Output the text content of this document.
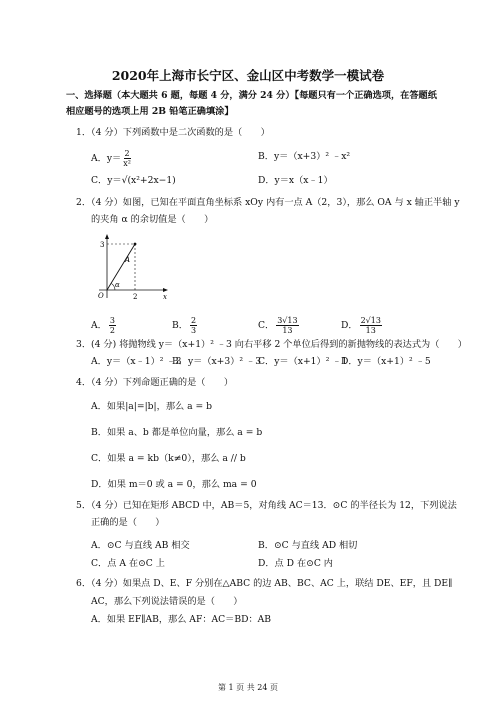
2020年上海市长宁区、金山区中考数学一模试卷
一、选择题（本大题共 6 题，每题 4 分，满分 24 分）【每题只有一个正确选项，在答题纸
相应题号的选项上用 2B 铅笔正确填涂】
1．（4 分）下列函数中是二次函数的是（　　）
A．$y= \frac{2}{\text{x²}}$	B．y＝（x+3）² ﹣x²
C．y＝√(x²+2x−1)	D．y＝x（x﹣1）
2．（4 分）如图，已知在平面直角坐标系 xOy 内有一点 A（2，3），那么 OA 与 x 轴正半轴 y
的夹角 α 的余切值是（　　）
3
A
O	2
α
x
A． $\frac{3}{2}$	B． $\frac{2}{3}$	C． $\frac{3√13}{13}$	D． $\frac{2√13}{13}$
3．(4 分) 将抛物线 y＝（x+1）² ﹣3 向右平移 2 个单位后得到的新抛物线的表达式为（　　）
A．y＝（x﹣1）² ﹣3
B．y＝（x+3）² ﹣3
C．y＝（x+1）² ﹣1
D．y＝（x+1）² ﹣5
4．（4 分）下列命题正确的是（　　）
A．如果|a|=|b|，那么 a = b
B．如果 a、b 都是单位向量，那么 a = b
C．如果 a = kb（k≠0），那么 a // b
D．如果 m＝0 或 a = 0，那么 ma = 0
5．（4 分）已知在矩形 ABCD 中，AB＝5，对角线 AC＝13．⊙C 的半径长为 12，下列说法
正确的是（　　）
A．⊙C 与直线 AB 相交	B．⊙C 与直线 AD 相切
C．点 A 在⊙C 上	D．点 D 在⊙C 内
6．（4 分）如果点 D、E、F 分别在△ABC 的边 AB、BC、AC 上，联结 DE、EF，且 DE∥
AC，那么下列说法错误的是（　　）
A．如果 EF∥AB，那么 AF：AC＝BD：AB
第 1 页 共 24 页
